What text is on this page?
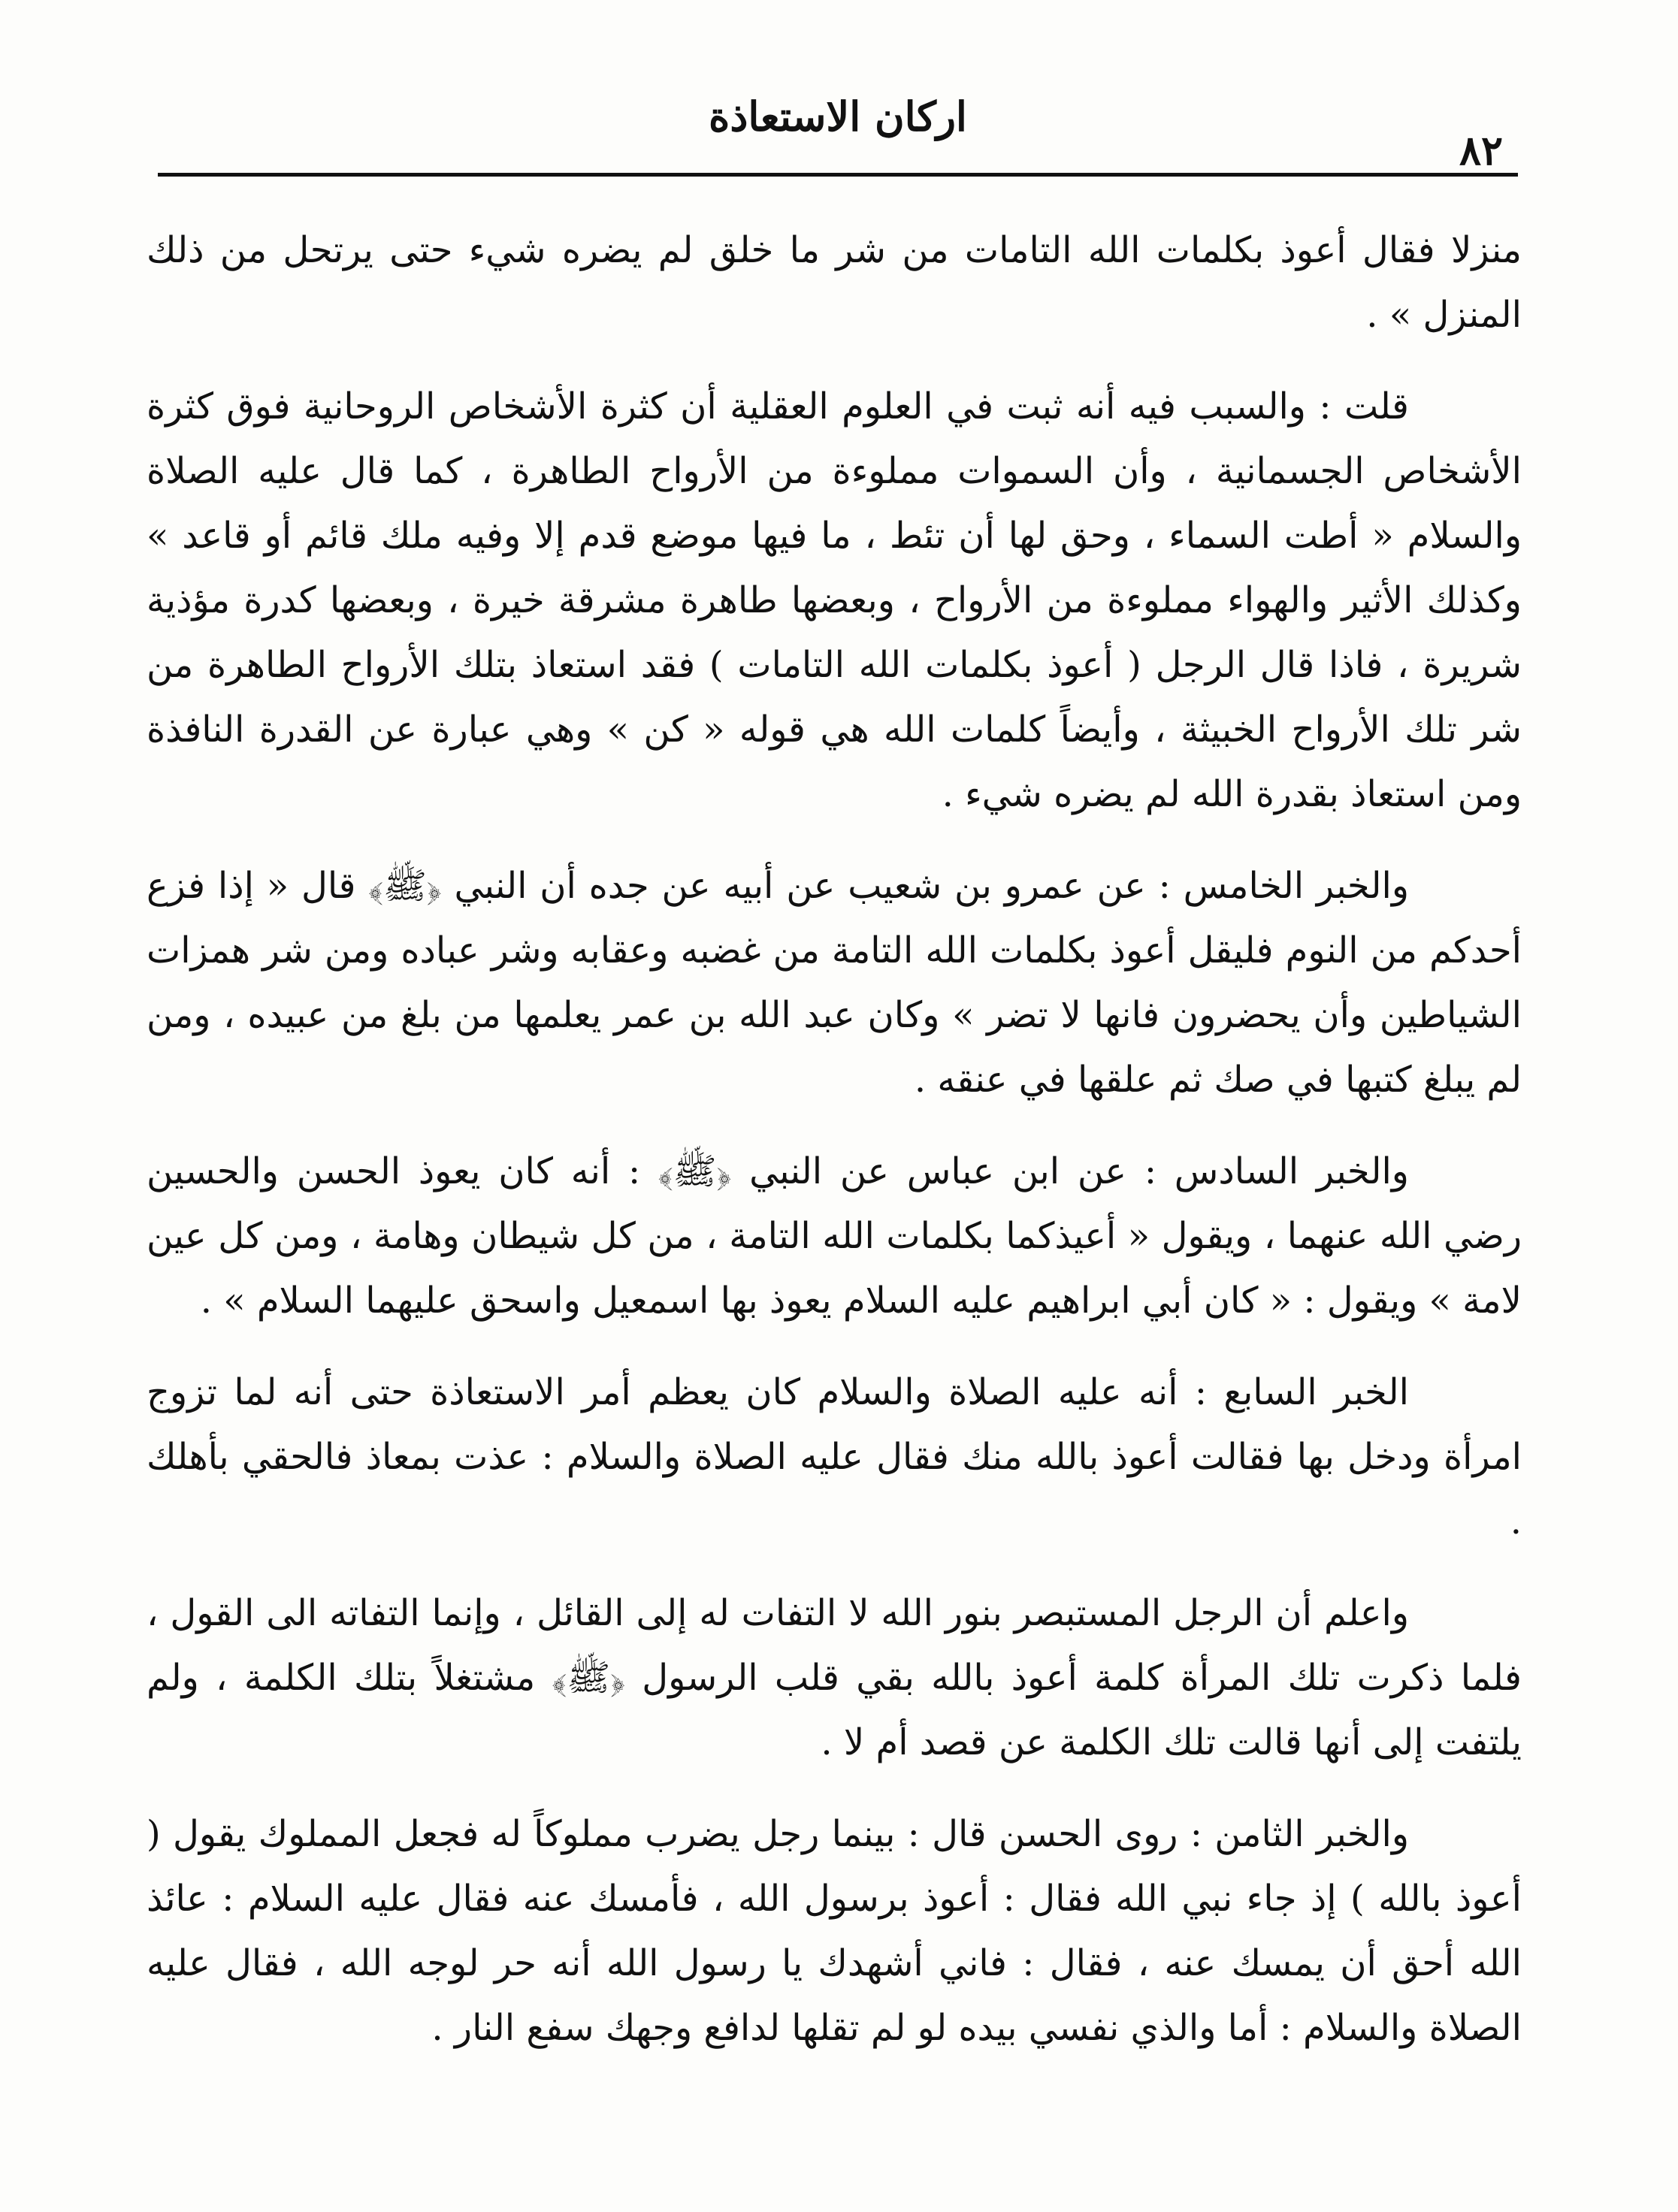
اركان الاستعاذة
٨٢

منزلا فقال أعوذ بكلمات الله التامات من شر ما خلق لم يضره شيء حتى يرتحل من ذلك المنزل » .

قلت : والسبب فيه أنه ثبت في العلوم العقلية أن كثرة الأشخاص الروحانية فوق كثرة الأشخاص الجسمانية ، وأن السموات مملوءة من الأرواح الطاهرة ، كما قال عليه الصلاة والسلام « أطت السماء ، وحق لها أن تئط ، ما فيها موضع قدم إلا وفيه ملك قائم أو قاعد » وكذلك الأثير والهواء مملوءة من الأرواح ، وبعضها طاهرة مشرقة خيرة ، وبعضها كدرة مؤذية شريرة ، فاذا قال الرجل ( أعوذ بكلمات الله التامات ) فقد استعاذ بتلك الأرواح الطاهرة من شر تلك الأرواح الخبيثة ، وأيضاً كلمات الله هي قوله « كن » وهي عبارة عن القدرة النافذة ومن استعاذ بقدرة الله لم يضره شيء .

والخبر الخامس : عن عمرو بن شعيب عن أبيه عن جده أن النبي ﴿ﷺ﴾ قال « إذا فزع أحدكم من النوم فليقل أعوذ بكلمات الله التامة من غضبه وعقابه وشر عباده ومن شر همزات الشياطين وأن يحضرون فانها لا تضر » وكان عبد الله بن عمر يعلمها من بلغ من عبيده ، ومن لم يبلغ كتبها في صك ثم علقها في عنقه .

والخبر السادس : عن ابن عباس عن النبي ﴿ﷺ﴾ : أنه كان يعوذ الحسن والحسين رضي الله عنهما ، ويقول « أعيذكما بكلمات الله التامة ، من كل شيطان وهامة ، ومن كل عين لامة » ويقول : « كان أبي ابراهيم عليه السلام يعوذ بها اسمعيل واسحق عليهما السلام » .

الخبر السابع : أنه عليه الصلاة والسلام كان يعظم أمر الاستعاذة حتى أنه لما تزوج امرأة ودخل بها فقالت أعوذ بالله منك فقال عليه الصلاة والسلام : عذت بمعاذ فالحقي بأهلك .

واعلم أن الرجل المستبصر بنور الله لا التفات له إلى القائل ، وإنما التفاته الى القول ، فلما ذكرت تلك المرأة كلمة أعوذ بالله بقي قلب الرسول ﴿ﷺ﴾ مشتغلاً بتلك الكلمة ، ولم يلتفت إلى أنها قالت تلك الكلمة عن قصد أم لا .

والخبر الثامن : روى الحسن قال : بينما رجل يضرب مملوكاً له فجعل المملوك يقول ( أعوذ بالله ) إذ جاء نبي الله فقال : أعوذ برسول الله ، فأمسك عنه فقال عليه السلام : عائذ الله أحق أن يمسك عنه ، فقال : فاني أشهدك يا رسول الله أنه حر لوجه الله ، فقال عليه الصلاة والسلام : أما والذي نفسي بيده لو لم تقلها لدافع وجهك سفع النار .
